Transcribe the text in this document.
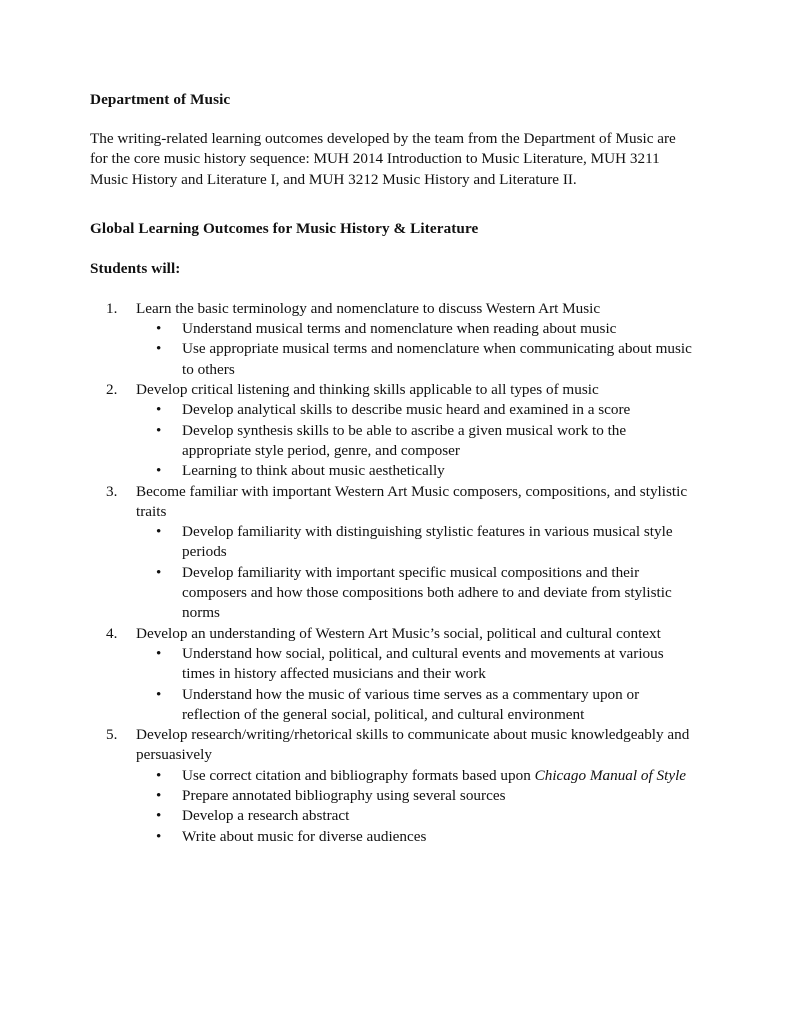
Department of Music

The writing-related learning outcomes developed by the team from the Department of Music are for the core music history sequence: MUH 2014 Introduction to Music Literature, MUH 3211 Music History and Literature I, and MUH 3212 Music History and Literature II.

Global Learning Outcomes for Music History & Literature

Students will:

1.	Learn the basic terminology and nomenclature to discuss Western Art Music
• Understand musical terms and nomenclature when reading about music
• Use appropriate musical terms and nomenclature when communicating about music to others
2.	Develop critical listening and thinking skills applicable to all types of music
• Develop analytical skills to describe music heard and examined in a score
• Develop synthesis skills to be able to ascribe a given musical work to the appropriate style period, genre, and composer
• Learning to think about music aesthetically
3.	Become familiar with important Western Art Music composers, compositions, and stylistic traits
• Develop familiarity with distinguishing stylistic features in various musical style periods
• Develop familiarity with important specific musical compositions and their composers and how those compositions both adhere to and deviate from stylistic norms
4.	Develop an understanding of Western Art Music’s social, political and cultural context
• Understand how social, political, and cultural events and movements at various times in history affected musicians and their work
• Understand how the music of various time serves as a commentary upon or reflection of the general social, political, and cultural environment
5.	Develop research/writing/rhetorical skills to communicate about music knowledgeably and persuasively
• Use correct citation and bibliography formats based upon Chicago Manual of Style
• Prepare annotated bibliography using several sources
• Develop a research abstract
• Write about music for diverse audiences
